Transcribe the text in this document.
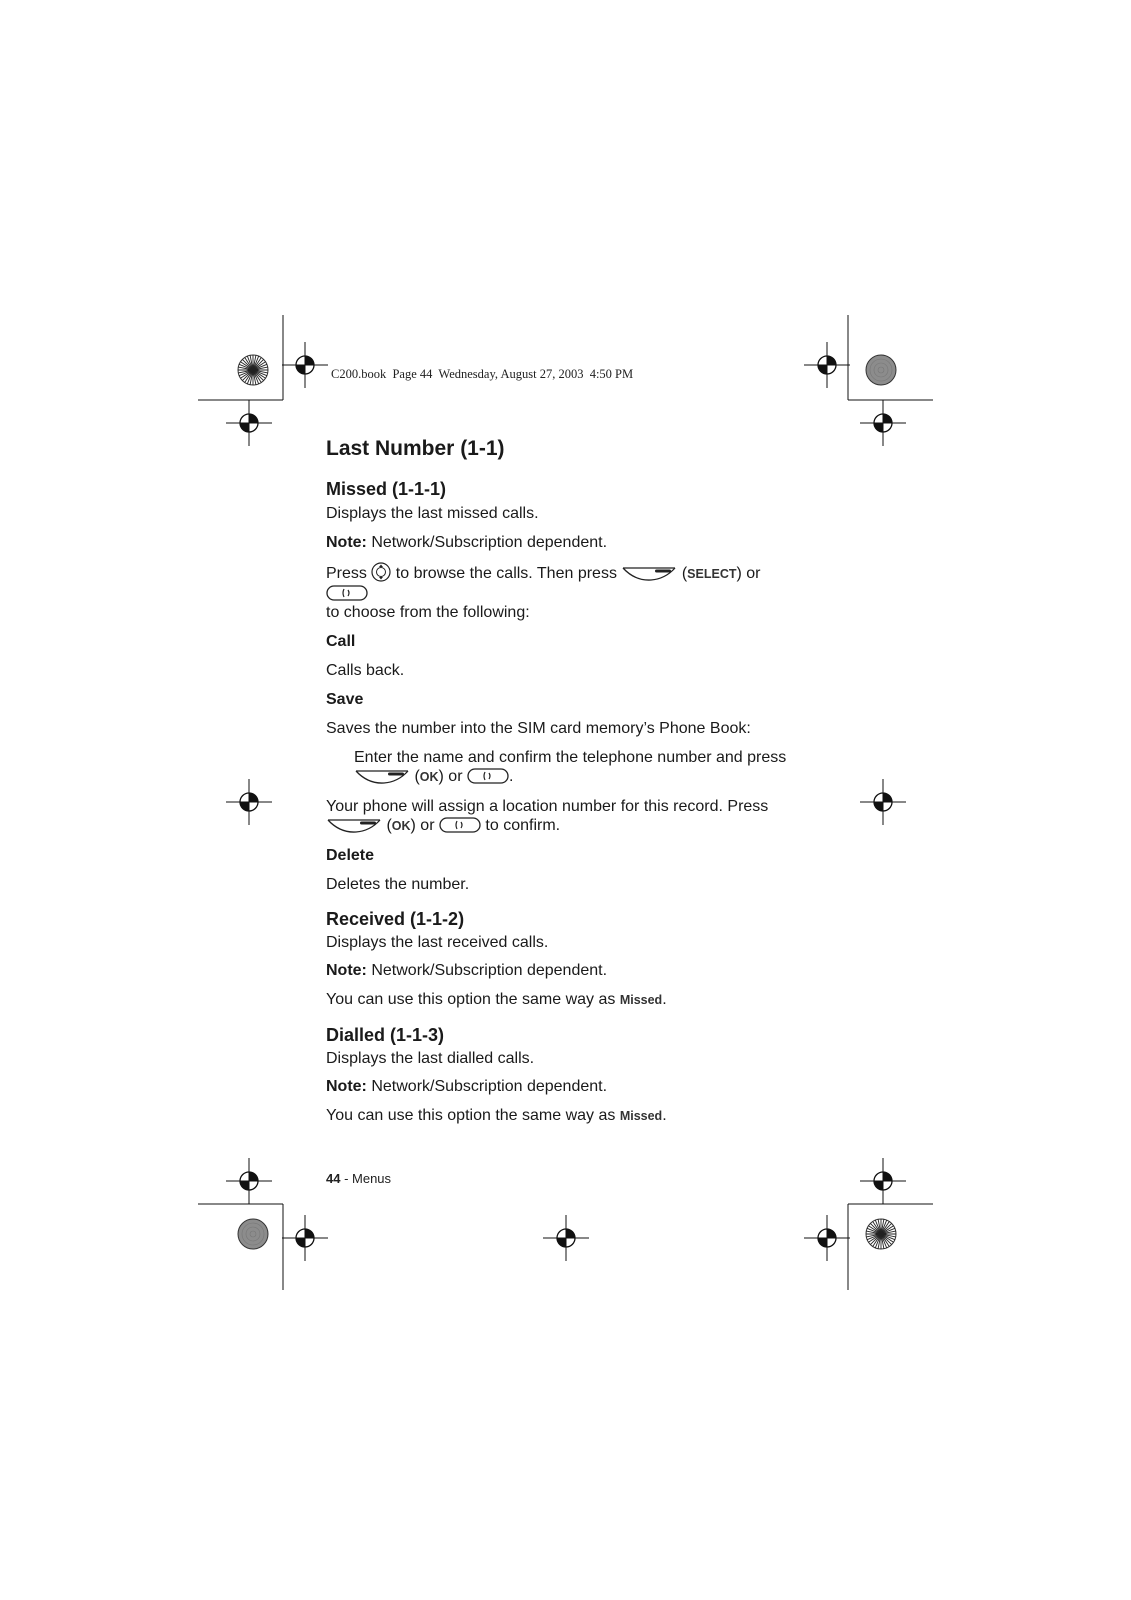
C200.book  Page 44  Wednesday, August 27, 2003  4:50 PM

Last Number (1-1)

Missed (1-1-1)

Displays the last missed calls.

Note: Network/Subscription dependent.

Press  to browse the calls. Then press	(SELECT) or
to choose from the following:

Call

Calls back.

Save

Saves the number into the SIM card memory’s Phone Book:

Enter the name and confirm the telephone number and press
(OK) or	.

Your phone will assign a location number for this record. Press
(OK) or	to confirm.

Delete

Deletes the number.

Received (1-1-2)

Displays the last received calls.

Note: Network/Subscription dependent.

You can use this option the same way as Missed.

Dialled (1-1-3)

Displays the last dialled calls.

Note: Network/Subscription dependent.

You can use this option the same way as Missed.

44 - Menus
